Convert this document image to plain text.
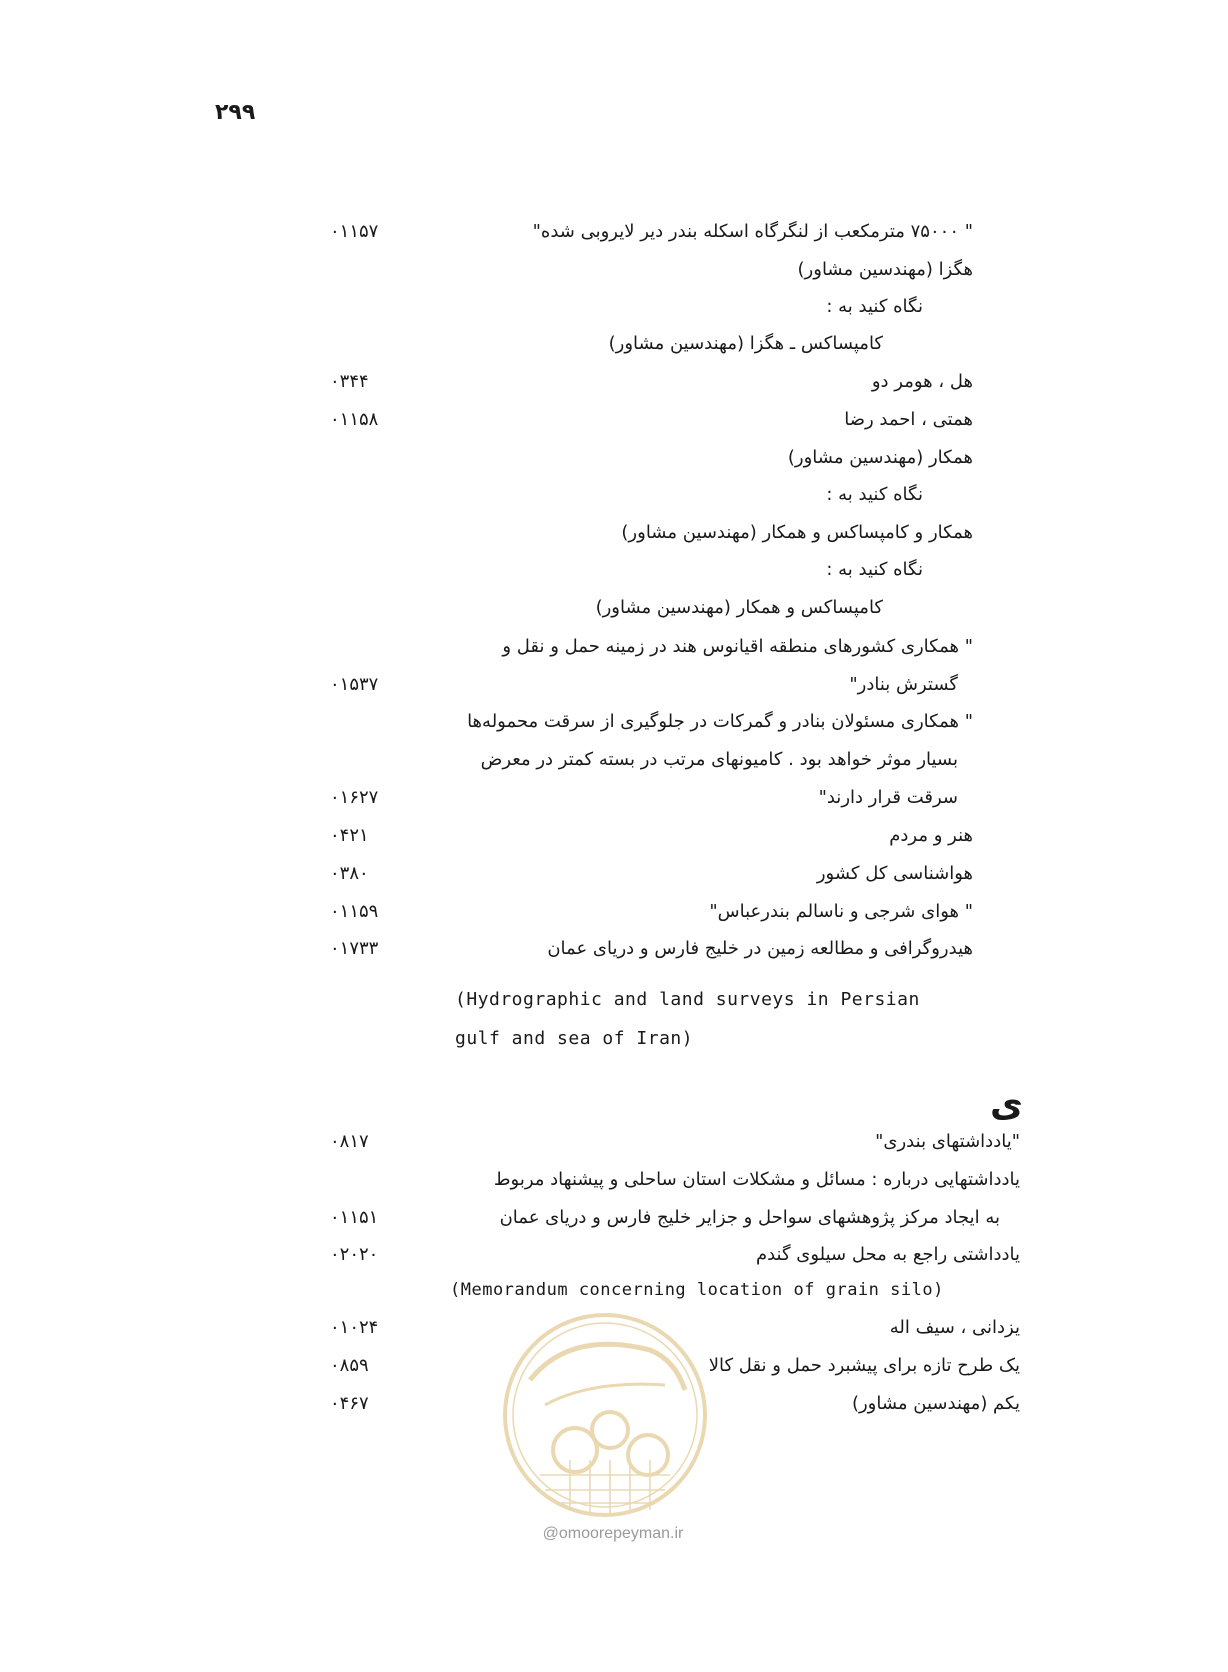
۲۹۹
" ۷۵۰۰۰ مترمکعب از لنگرگاه اسکله بندر دیر لایروبی شده"
۰۱۱۵۷
هگزا (مهندسین مشاور)
نگاه کنید به :
کامپساکس ـ هگزا (مهندسین مشاور)
هل ، هومر دو
۰۳۴۴
همتی ، احمد رضا
۰۱۱۵۸
همکار (مهندسین مشاور)
نگاه کنید به :
همکار و کامپساکس و همکار (مهندسین مشاور)
نگاه کنید به :
کامپساکس و همکار (مهندسین مشاور)
" همکاری کشورهای منطقه اقیانوس هند در زمینه حمل و نقل و
گسترش بنادر"
۰۱۵۳۷
" همکاری مسئولان بنادر و گمرکات در جلوگیری از سرقت محموله‌ها
بسیار موثر خواهد بود . کامیونهای مرتب در بسته کمتر در معرض
سرقت قرار دارند"
۰۱۶۲۷
هنر و مردم
۰۴۲۱
هواشناسی کل کشور
۰۳۸۰
" هوای شرجی و ناسالم بندرعباس"
۰۱۱۵۹
هیدروگرافی و مطالعه زمین در خلیج فارس و دریای عمان
۰۱۷۳۳
(Hydrographic and land surveys in Persian
gulf and sea of Iran)
ی
"یادداشتهای بندری"
۰۸۱۷
یادداشتهایی درباره : مسائل و مشکلات استان ساحلی و پیشنهاد مربوط
به ایجاد مرکز پژوهشهای سواحل و جزایر خلیج فارس و دریای عمان
۰۱۱۵۱
یادداشتی راجع به محل سیلوی گندم
۰۲۰۲۰
(Memorandum concerning location of grain silo)
یزدانی ، سیف اله
۰۱۰۲۴
یک طرح تازه برای پیشبرد حمل و نقل کالا
۰۸۵۹
یکم (مهندسین مشاور)
۰۴۶۷
@omoorepeyman.ir
